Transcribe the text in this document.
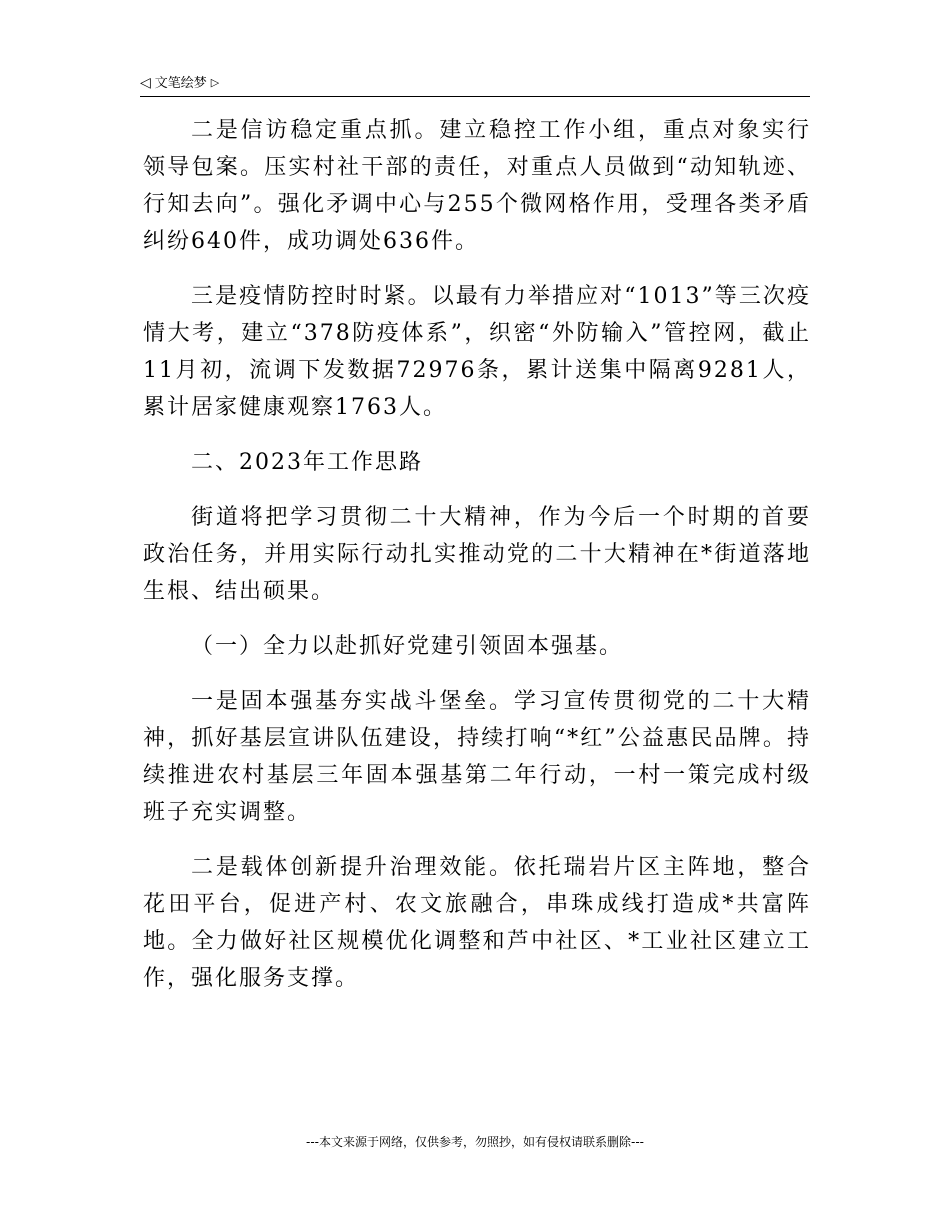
◁ 文笔绘梦 ▷

二是信访稳定重点抓。建立稳控工作小组，重点对象实行领导包案。压实村社干部的责任，对重点人员做到“动知轨迹、行知去向”。强化矛调中心与255个微网格作用，受理各类矛盾纠纷640件，成功调处636件。

三是疫情防控时时紧。以最有力举措应对“1013”等三次疫情大考，建立“378防疫体系”，织密“外防输入”管控网，截止11月初，流调下发数据72976条，累计送集中隔离9281人，累计居家健康观察1763人。

二、2023年工作思路

街道将把学习贯彻二十大精神，作为今后一个时期的首要政治任务，并用实际行动扎实推动党的二十大精神在*街道落地生根、结出硕果。

（一）全力以赴抓好党建引领固本强基。

一是固本强基夯实战斗堡垒。学习宣传贯彻党的二十大精神，抓好基层宣讲队伍建设，持续打响“*红”公益惠民品牌。持续推进农村基层三年固本强基第二年行动，一村一策完成村级班子充实调整。

二是载体创新提升治理效能。依托瑞岩片区主阵地，整合花田平台，促进产村、农文旅融合，串珠成线打造成*共富阵地。全力做好社区规模优化调整和芦中社区、*工业社区建立工作，强化服务支撑。

---本文来源于网络，仅供参考，勿照抄，如有侵权请联系删除---
